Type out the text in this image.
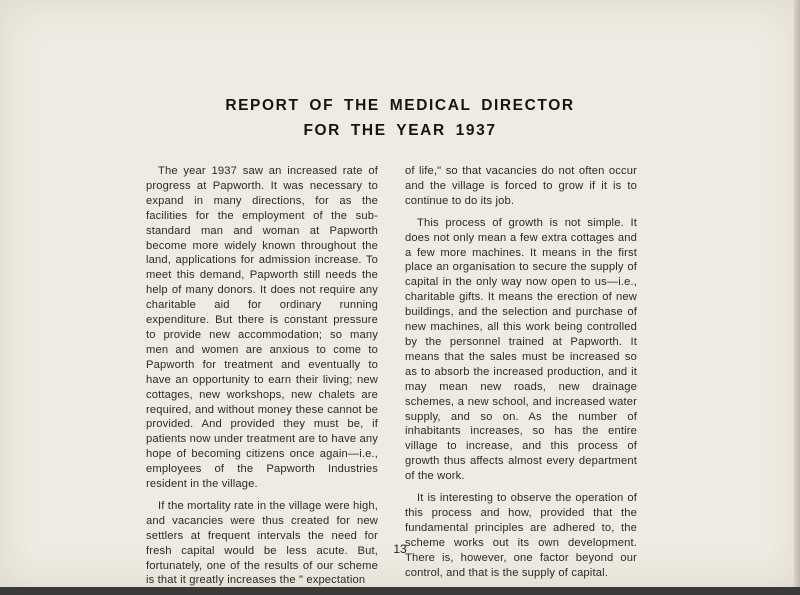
REPORT OF THE MEDICAL DIRECTOR
FOR THE YEAR 1937

The year 1937 saw an increased rate of progress at Papworth. It was necessary to expand in many directions, for as the facilities for the employment of the sub-standard man and woman at Papworth become more widely known throughout the land, applications for admission increase. To meet this demand, Papworth still needs the help of many donors. It does not require any charitable aid for ordinary running expenditure. But there is constant pressure to provide new accommodation; so many men and women are anxious to come to Papworth for treatment and eventually to have an opportunity to earn their living; new cottages, new workshops, new chalets are required, and without money these cannot be provided. And provided they must be, if patients now under treatment are to have any hope of becoming citizens once again—i.e., employees of the Papworth Industries resident in the village.

If the mortality rate in the village were high, and vacancies were thus created for new settlers at frequent intervals the need for fresh capital would be less acute. But, fortunately, one of the results of our scheme is that it greatly increases the " expectation

of life," so that vacancies do not often occur and the village is forced to grow if it is to continue to do its job.

This process of growth is not simple. It does not only mean a few extra cottages and a few more machines. It means in the first place an organisation to secure the supply of capital in the only way now open to us—i.e., charitable gifts. It means the erection of new buildings, and the selection and purchase of new machines, all this work being controlled by the personnel trained at Papworth. It means that the sales must be increased so as to absorb the increased production, and it may mean new roads, new drainage schemes, a new school, and increased water supply, and so on. As the number of inhabitants increases, so has the entire village to increase, and this process of growth thus affects almost every department of the work.

It is interesting to observe the operation of this process and how, provided that the fundamental principles are adhered to, the scheme works out its own development. There is, however, one factor beyond our control, and that is the supply of capital.

13
